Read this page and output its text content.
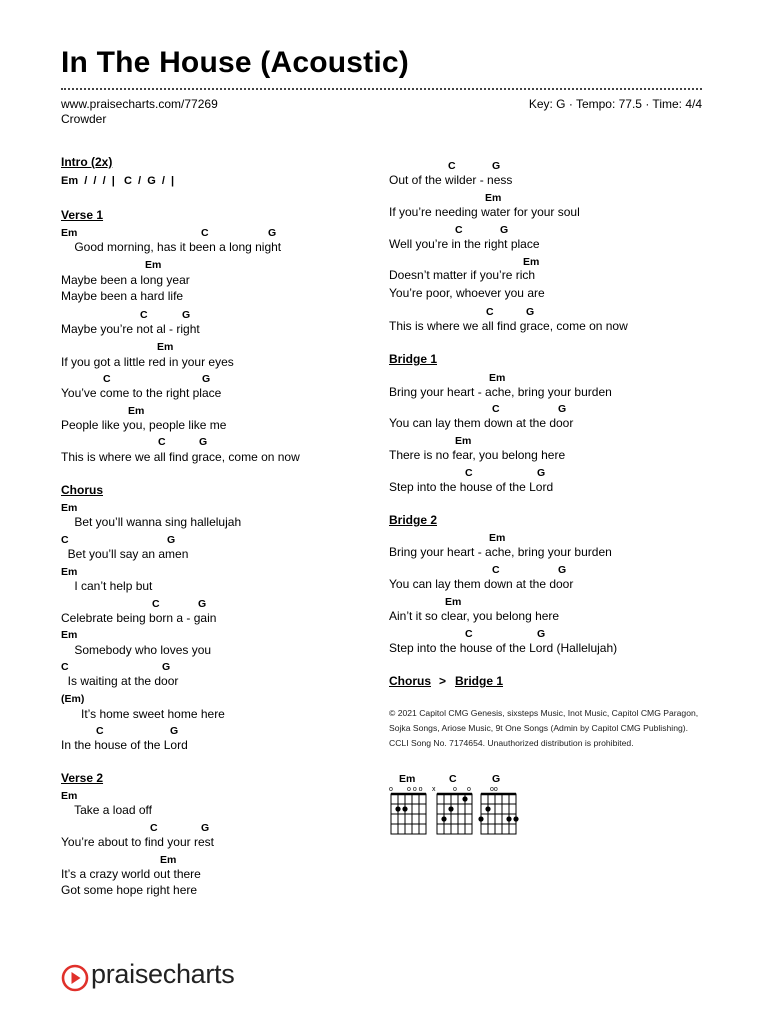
In The House (Acoustic)
www.praisecharts.com/77269
Crowder
Key: G · Tempo: 77.5 · Time: 4/4
Intro (2x)
Em  /  /  /  |   C  /  G  /  |
Verse 1
Em	C	G
Good morning, has it been a long night
Em
Maybe been a long year
Maybe been a hard life
C	G
Maybe you’re not al - right
Em
If you got a little red in your eyes
C	G
You’ve come to the right place
Em
People like you, people like me
C	G
This is where we all find grace, come on now
Chorus
Em
Bet you’ll wanna sing hallelujah
C	G
Bet you’ll say an amen
Em
I can’t help but
C	G
Celebrate being born a - gain
Em
Somebody who loves you
C	G
Is waiting at the door
(Em)
It’s home sweet home here
C	G
In the house of the Lord
Verse 2
Em
Take a load off
C	G
You’re about to find your rest
Em
It’s a crazy world out there
Got some hope right here
C	G
Out of the wilder - ness
Em
If you’re needing water for your soul
C	G
Well you’re in the right place
Em
Doesn’t matter if you’re rich
You’re poor, whoever you are
C	G
This is where we all find grace, come on now
Bridge 1
Em
Bring your heart - ache, bring your burden
C	G
You can lay them down at the door
Em
There is no fear, you belong here
C	G
Step into the house of the Lord
Bridge 2
Em
Bring your heart - ache, bring your burden
C	G
You can lay them down at the door
Em
Ain’t it so clear, you belong here
C	G
Step into the house of the Lord (Hallelujah)
Chorus > Bridge 1
© 2021 Capitol CMG Genesis, sixsteps Music, Inot Music, Capitol CMG Paragon, Sojka Songs, Ariose Music, 9t One Songs (Admin by Capitol CMG Publishing). CCLI Song No. 7174654. Unauthorized distribution is prohibited.
Em	C	G
o o o o x	o o	oo
praisecharts
